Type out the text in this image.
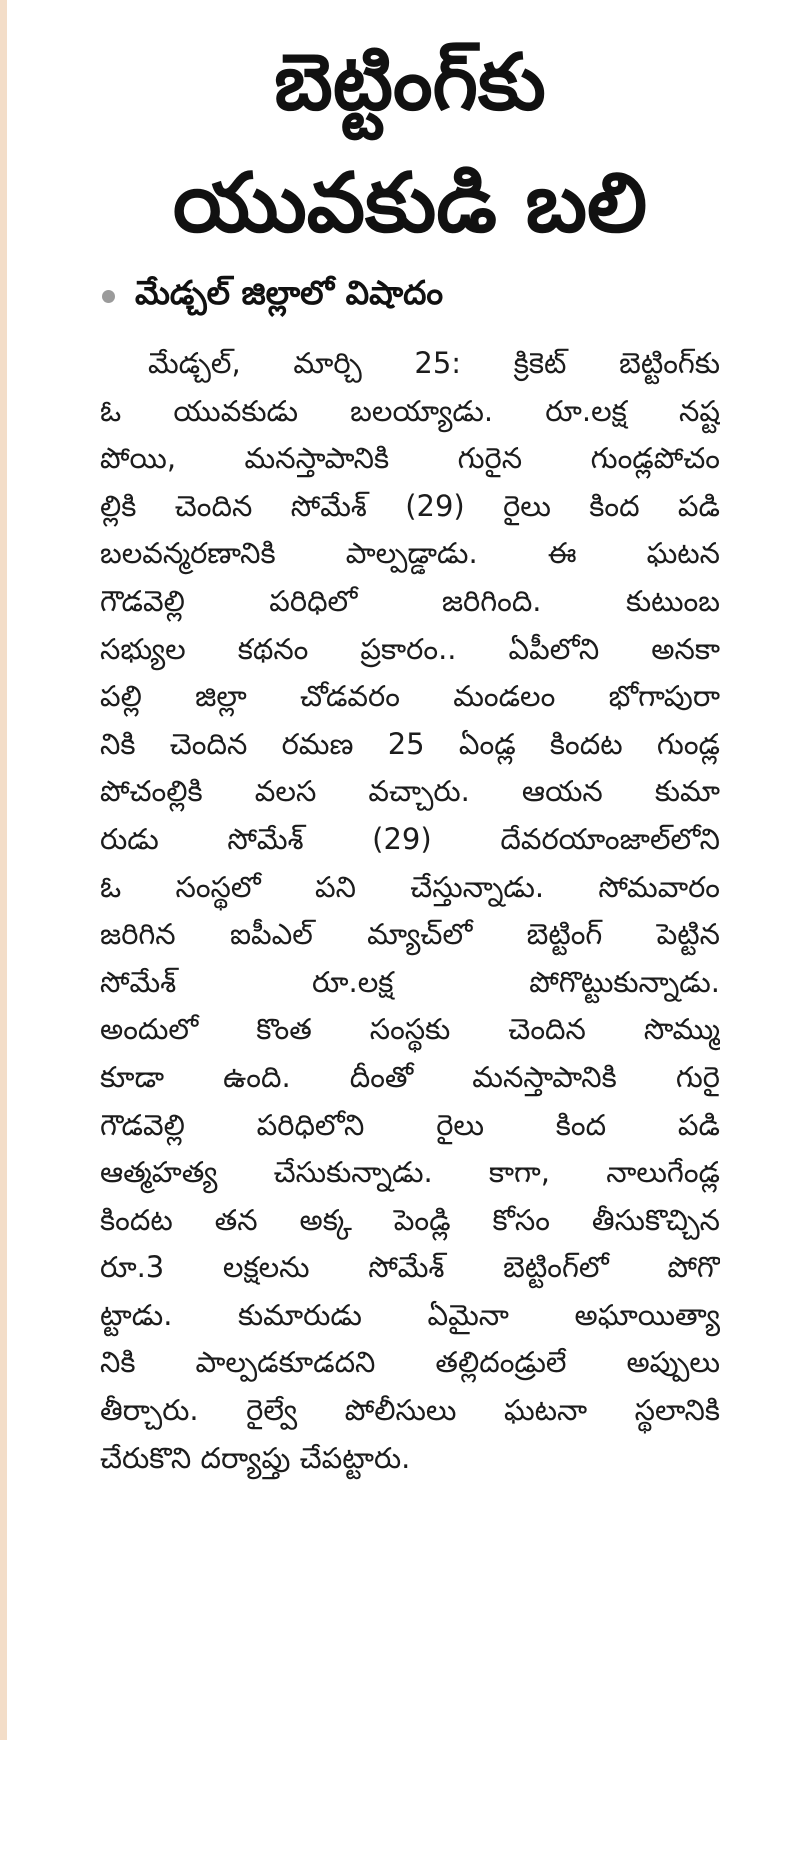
బెట్టింగ్‌కు
యువకుడి బలి
మేడ్చల్ జిల్లాలో విషాదం
మేడ్చల్, మార్చి 25: క్రికెట్ బెట్టింగ్‌కు
ఓ యువకుడు బలయ్యాడు. రూ.లక్ష నష్ట
పోయి, మనస్తాపానికి గురైన గుండ్లపోచం
ల్లికి చెందిన సోమేశ్ (29) రైలు కింద పడి
బలవన్మరణానికి పాల్పడ్డాడు. ఈ ఘటన
గౌడవెల్లి పరిధిలో జరిగింది. కుటుంబ
సభ్యుల కథనం ప్రకారం.. ఏపీలోని అనకా
పల్లి జిల్లా చోడవరం మండలం భోగాపురా
నికి చెందిన రమణ 25 ఏండ్ల కిందట గుండ్ల
పోచంల్లికి వలస వచ్చారు. ఆయన కుమా
రుడు సోమేశ్ (29) దేవరయాంజాల్‌లోని
ఓ సంస్థలో పని చేస్తున్నాడు. సోమవారం
జరిగిన ఐపీఎల్ మ్యాచ్‌లో బెట్టింగ్ పెట్టిన
సోమేశ్ రూ.లక్ష పోగొట్టుకున్నాడు.
అందులో కొంత సంస్థకు చెందిన సొమ్ము
కూడా ఉంది. దీంతో మనస్తాపానికి గురై
గౌడవెల్లి పరిధిలోని రైలు కింద పడి
ఆత్మహత్య చేసుకున్నాడు. కాగా, నాలుగేండ్ల
కిందట తన అక్క పెండ్లి కోసం తీసుకొచ్చిన
రూ.3 లక్షలను సోమేశ్ బెట్టింగ్‌లో పోగొ
ట్టాడు. కుమారుడు ఏమైనా అఘాయిత్యా
నికి పాల్పడకూడదని తల్లిదండ్రులే అప్పులు
తీర్చారు. రైల్వే పోలీసులు ఘటనా స్థలానికి
చేరుకొని దర్యాప్తు చేపట్టారు.
